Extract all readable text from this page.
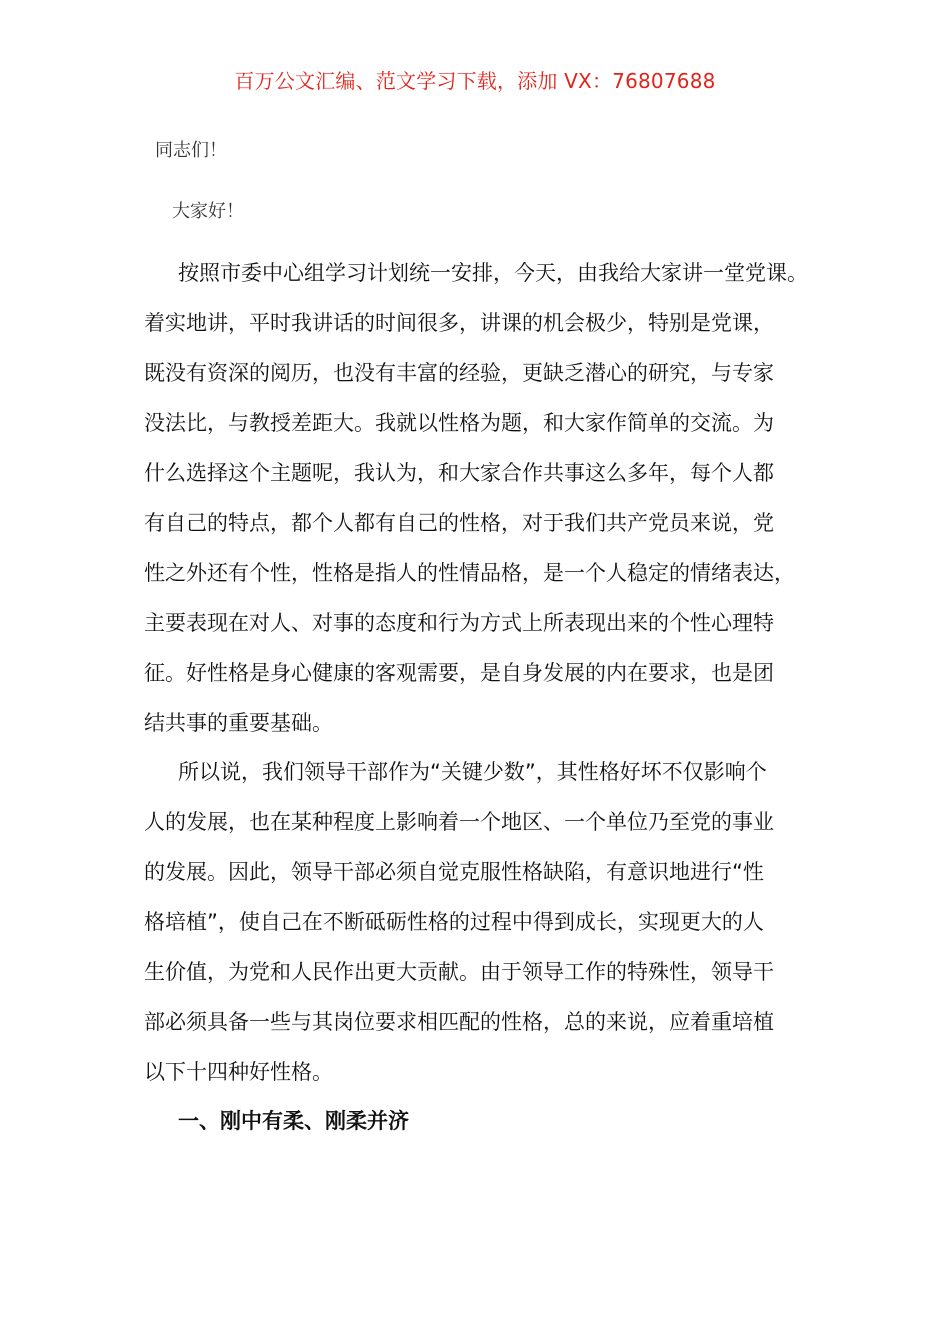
百万公文汇编、范文学习下载，添加 VX：76807688
同志们！
大家好！
按照市委中心组学习计划统一安排，今天，由我给大家讲一堂党课。
着实地讲，平时我讲话的时间很多，讲课的机会极少，特别是党课，
既没有资深的阅历，也没有丰富的经验，更缺乏潜心的研究，与专家
没法比，与教授差距大。我就以性格为题，和大家作简单的交流。为
什么选择这个主题呢，我认为，和大家合作共事这么多年，每个人都
有自己的特点，都个人都有自己的性格，对于我们共产党员来说，党
性之外还有个性，性格是指人的性情品格，是一个人稳定的情绪表达，
主要表现在对人、对事的态度和行为方式上所表现出来的个性心理特
征。好性格是身心健康的客观需要，是自身发展的内在要求，也是团
结共事的重要基础。
所以说，我们领导干部作为“关键少数”，其性格好坏不仅影响个
人的发展，也在某种程度上影响着一个地区、一个单位乃至党的事业
的发展。因此，领导干部必须自觉克服性格缺陷，有意识地进行“性
格培植”，使自己在不断砥砺性格的过程中得到成长，实现更大的人
生价值，为党和人民作出更大贡献。由于领导工作的特殊性，领导干
部必须具备一些与其岗位要求相匹配的性格，总的来说，应着重培植
以下十四种好性格。
一、刚中有柔、刚柔并济
